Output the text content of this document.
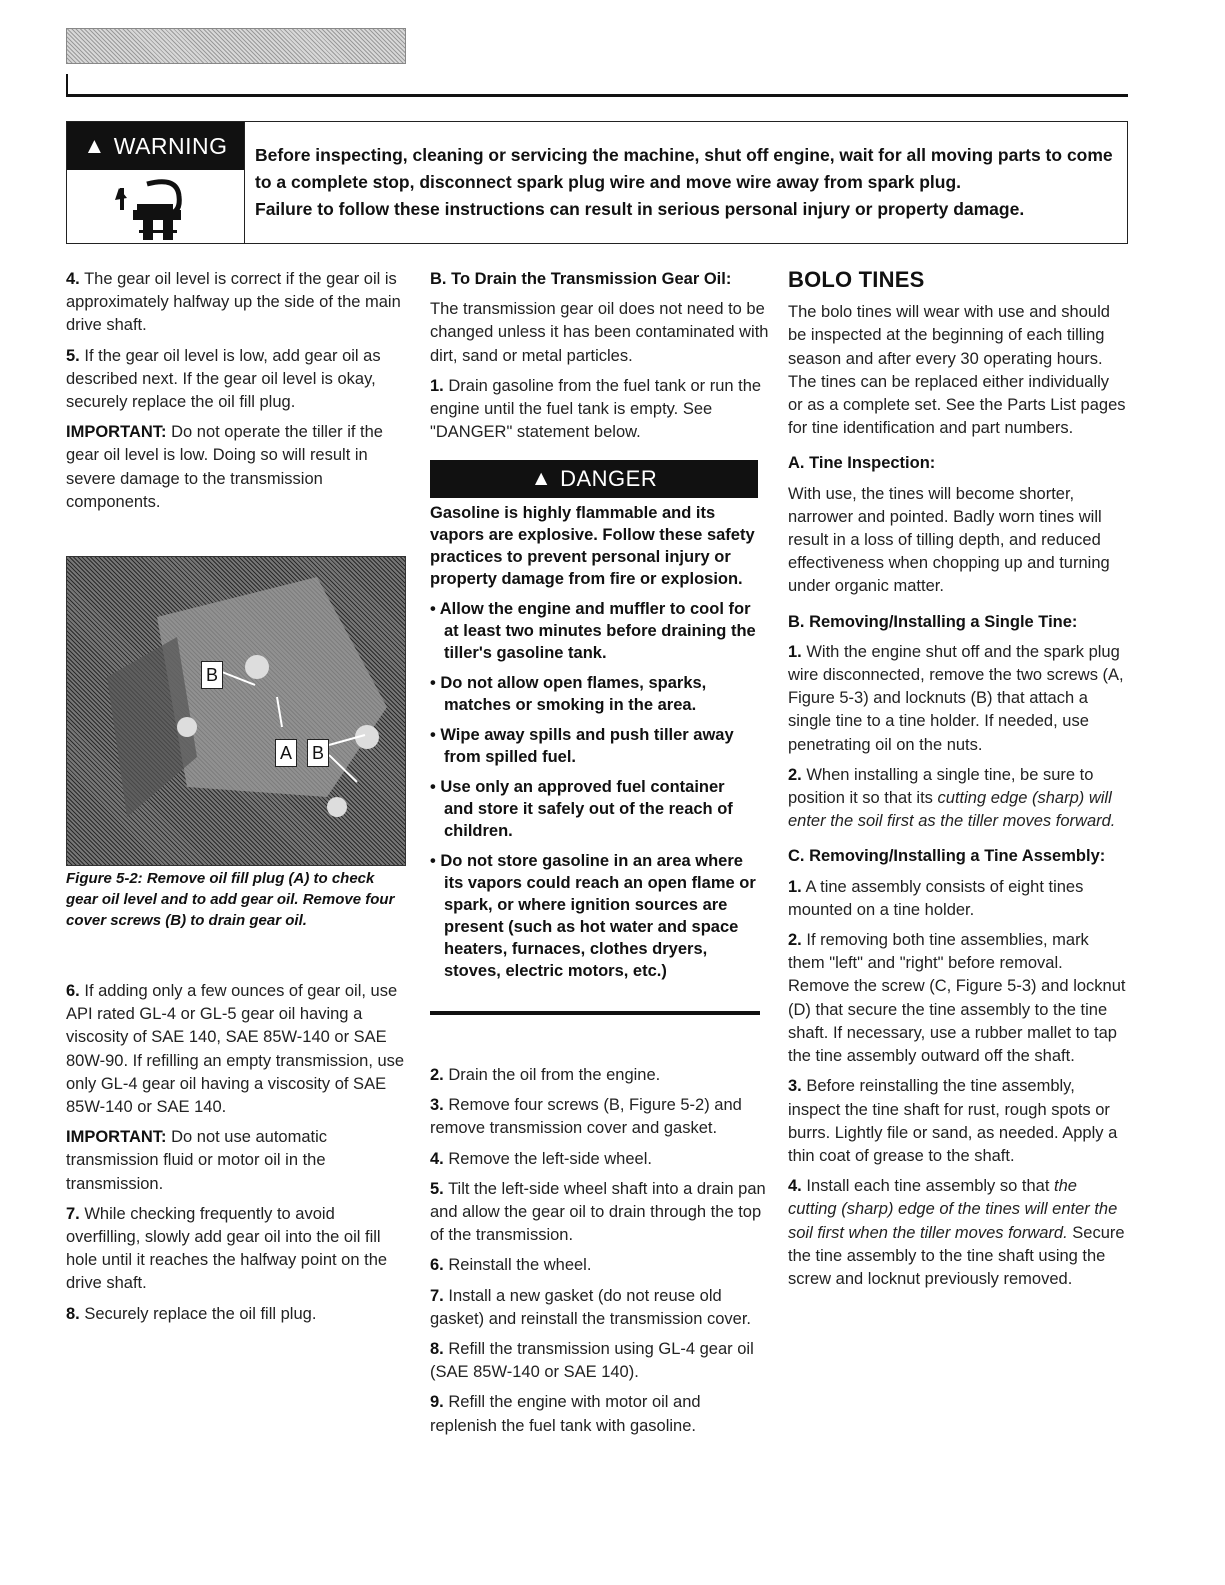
▲ WARNING Before inspecting, cleaning or servicing the machine, shut off engine, wait for all moving parts to come to a complete stop, disconnect spark plug wire and move wire away from spark plug.

Failure to follow these instructions can result in serious personal injury or property damage.

4. The gear oil level is correct if the gear oil is approximately halfway up the side of the main drive shaft.

5. If the gear oil level is low, add gear oil as described next. If the gear oil level is okay, securely replace the oil fill plug.

IMPORTANT: Do not operate the tiller if the gear oil level is low. Doing so will result in severe damage to the transmission components.

B
A B
Figure 5-2: Remove oil fill plug (A) to check gear oil level and to add gear oil. Remove four cover screws (B) to drain gear oil.

6. If adding only a few ounces of gear oil, use API rated GL-4 or GL-5 gear oil having a viscosity of SAE 140, SAE 85W-140 or SAE 80W-90. If refilling an empty transmission, use only GL-4 gear oil having a viscosity of SAE 85W-140 or SAE 140.

IMPORTANT: Do not use automatic transmission fluid or motor oil in the transmission.

7. While checking frequently to avoid overfilling, slowly add gear oil into the oil fill hole until it reaches the halfway point on the drive shaft.

8. Securely replace the oil fill plug.

B. To Drain the Transmission Gear Oil:

The transmission gear oil does not need to be changed unless it has been contaminated with dirt, sand or metal particles.

1. Drain gasoline from the fuel tank or run the engine until the fuel tank is empty. See "DANGER" statement below.

▲ DANGER

Gasoline is highly flammable and its vapors are explosive. Follow these safety practices to prevent personal injury or property damage from fire or explosion.

• Allow the engine and muffler to cool for at least two minutes before draining the tiller's gasoline tank.
• Do not allow open flames, sparks, matches or smoking in the area.
• Wipe away spills and push tiller away from spilled fuel.
• Use only an approved fuel container and store it safely out of the reach of children.
• Do not store gasoline in an area where its vapors could reach an open flame or spark, or where ignition sources are present (such as hot water and space heaters, furnaces, clothes dryers, stoves, electric motors, etc.)

2. Drain the oil from the engine.

3. Remove four screws (B, Figure 5-2) and remove transmission cover and gasket.

4. Remove the left-side wheel.

5. Tilt the left-side wheel shaft into a drain pan and allow the gear oil to drain through the top of the transmission.

6. Reinstall the wheel.

7. Install a new gasket (do not reuse old gasket) and reinstall the transmission cover.

8. Refill the transmission using GL-4 gear oil (SAE 85W-140 or SAE 140).

9. Refill the engine with motor oil and replenish the fuel tank with gasoline.

BOLO TINES

The bolo tines will wear with use and should be inspected at the beginning of each tilling season and after every 30 operating hours. The tines can be replaced either individually or as a complete set. See the Parts List pages for tine identification and part numbers.

A. Tine Inspection:

With use, the tines will become shorter, narrower and pointed. Badly worn tines will result in a loss of tilling depth, and reduced effectiveness when chopping up and turning under organic matter.

B. Removing/Installing a Single Tine:

1. With the engine shut off and the spark plug wire disconnected, remove the two screws (A, Figure 5-3) and locknuts (B) that attach a single tine to a tine holder. If needed, use penetrating oil on the nuts.

2. When installing a single tine, be sure to position it so that its cutting edge (sharp) will enter the soil first as the tiller moves forward.

C. Removing/Installing a Tine Assembly:

1. A tine assembly consists of eight tines mounted on a tine holder.

2. If removing both tine assemblies, mark them "left" and "right" before removal. Remove the screw (C, Figure 5-3) and locknut (D) that secure the tine assembly to the tine shaft. If necessary, use a rubber mallet to tap the tine assembly outward off the shaft.

3. Before reinstalling the tine assembly, inspect the tine shaft for rust, rough spots or burrs. Lightly file or sand, as needed. Apply a thin coat of grease to the shaft.

4. Install each tine assembly so that the cutting (sharp) edge of the tines will enter the soil first when the tiller moves forward. Secure the tine assembly to the tine shaft using the screw and locknut previously removed.
